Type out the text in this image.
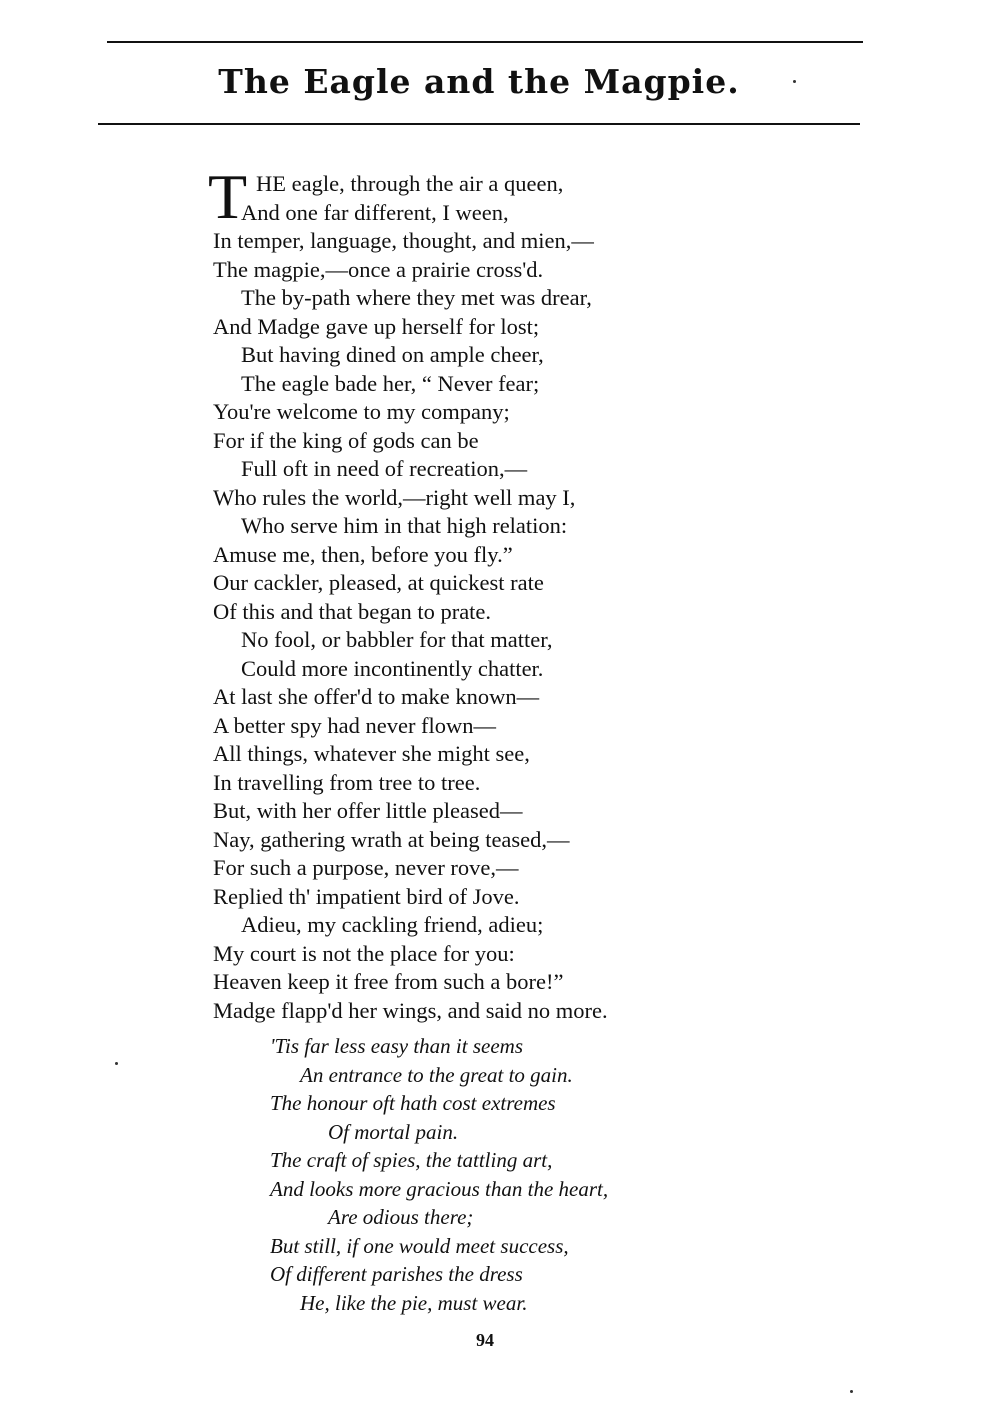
The Eagle and the Magpie.
T HE eagle, through the air a queen,
And one far different, I ween,
In temper, language, thought, and mien,—
The magpie,—once a prairie cross'd.
The by-path where they met was drear,
And Madge gave up herself for lost;
But having dined on ample cheer,
The eagle bade her, “ Never fear;
You're welcome to my company;
For if the king of gods can be
Full oft in need of recreation,—
Who rules the world,—right well may I,
Who serve him in that high relation:
Amuse me, then, before you fly.”
Our cackler, pleased, at quickest rate
Of this and that began to prate.
No fool, or babbler for that matter,
Could more incontinently chatter.
At last she offer'd to make known—
A better spy had never flown—
All things, whatever she might see,
In travelling from tree to tree.
But, with her offer little pleased—
Nay, gathering wrath at being teased,—
For such a purpose, never rove,—
Replied th' impatient bird of Jove.
Adieu, my cackling friend, adieu;
My court is not the place for you:
Heaven keep it free from such a bore!”
Madge flapp'd her wings, and said no more.
'Tis far less easy than it seems
An entrance to the great to gain.
The honour oft hath cost extremes
Of mortal pain.
The craft of spies, the tattling art,
And looks more gracious than the heart,
Are odious there;
But still, if one would meet success,
Of different parishes the dress
He, like the pie, must wear.
94
